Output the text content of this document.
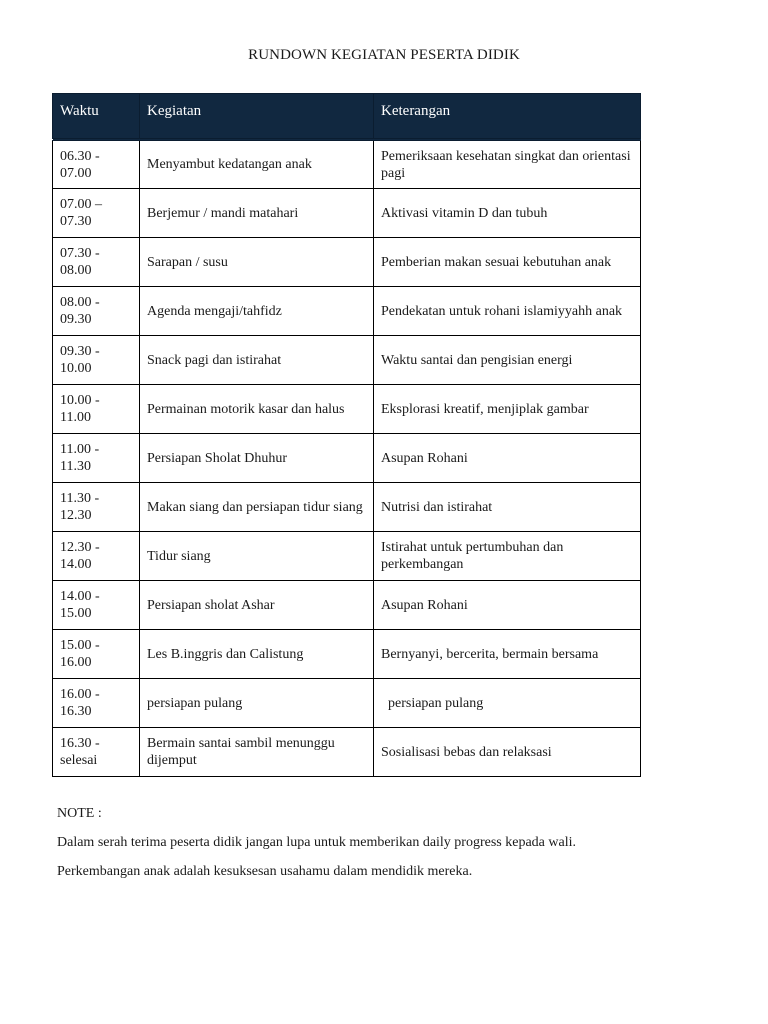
RUNDOWN KEGIATAN PESERTA DIDIK
Waktu	Kegiatan	Keterangan
06.30 - 07.00	Menyambut kedatangan anak	Pemeriksaan kesehatan singkat dan orientasi pagi
07.00 – 07.30	Berjemur / mandi matahari	Aktivasi vitamin D dan tubuh
07.30 - 08.00	Sarapan / susu	Pemberian makan sesuai kebutuhan anak
08.00 - 09.30	Agenda mengaji/tahfidz	Pendekatan untuk rohani islamiyyahh anak
09.30 - 10.00	Snack pagi dan istirahat	Waktu santai dan pengisian energi
10.00 - 11.00	Permainan motorik kasar dan halus	Eksplorasi kreatif, menjiplak gambar
11.00 - 11.30	Persiapan Sholat Dhuhur	Asupan Rohani
11.30 - 12.30	Makan siang dan persiapan tidur siang	Nutrisi dan istirahat
12.30 - 14.00	Tidur siang	Istirahat untuk pertumbuhan dan perkembangan
14.00 - 15.00	Persiapan sholat Ashar	Asupan Rohani
15.00 - 16.00	Les B.inggris dan Calistung	Bernyanyi, bercerita, bermain bersama
16.00 - 16.30	persiapan pulang	persiapan pulang
16.30 - selesai	Bermain santai sambil menunggu dijemput	Sosialisasi bebas dan relaksasi

NOTE :

Dalam serah terima peserta didik jangan lupa untuk memberikan daily progress kepada wali.

Perkembangan anak adalah kesuksesan usahamu dalam mendidik mereka.
